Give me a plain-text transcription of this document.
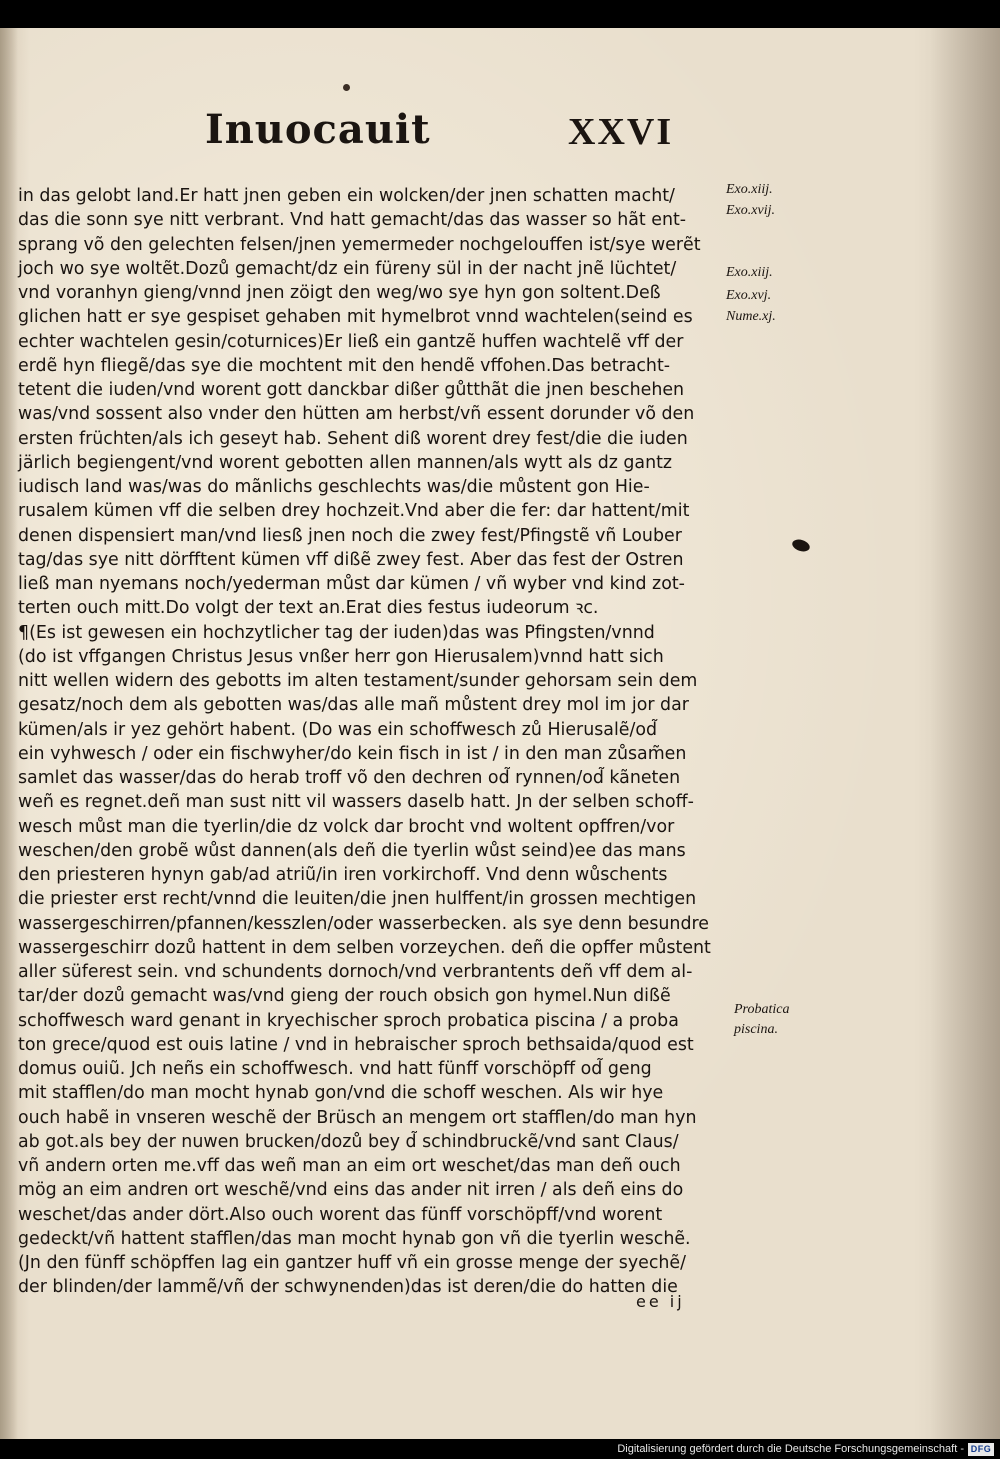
Inuocauit	XXVI
in das gelobt land.Er hatt jnen geben ein wolcken/der jnen schatten macht/
das die sonn sye nitt verbrant. Vnd hatt gemacht/das das wasser so hãt ent-
sprang võ den gelechten felsen/jnen yemermeder nochgelouffen ist/sye werẽt
joch wo sye woltẽt.Dozů gemacht/dz ein füreny sül in der nacht jnẽ lüchtet/
vnd voranhyn gieng/vnnd jnen zöigt den weg/wo sye hyn gon soltent.Deß
glichen hatt er sye gespiset gehaben mit hymelbrot vnnd wachtelen(seind es
echter wachtelen gesin/coturnices)Er ließ ein gantzẽ huffen wachtelẽ vff der
erdẽ hyn fliegẽ/das sye die mochtent mit den hendẽ vffohen.Das betracht-
tetent die iuden/vnd worent gott danckbar dißer gůtthãt die jnen beschehen
was/vnd sossent also vnder den hütten am herbst/vñ essent dorunder võ den
ersten früchten/als ich geseyt hab. Sehent diß worent drey fest/die die iuden
järlich begiengent/vnd worent gebotten allen mannen/als wytt als dz gantz
iudisch land was/was do mãnlichs geschlechts was/die můstent gon Hie-
rusalem kümen vff die selben drey hochzeit.Vnd aber die fer: dar hattent/mit
denen dispensiert man/vnd liesß jnen noch die zwey fest/Pfingstẽ vñ Louber
tag/das sye nitt dörfftent kümen vff dißẽ zwey fest. Aber das fest der Ostren
ließ man nyemans noch/yederman můst dar kümen / vñ wyber vnd kind zot-
terten ouch mitt.Do volgt der text an.Erat dies festus iudeorum ꝛc.
¶(Es ist gewesen ein hochzytlicher tag der iuden)das was Pfingsten/vnnd
(do ist vffgangen Christus Jesus vnßer herr gon Hierusalem)vnnd hatt sich
nitt wellen widern des gebotts im alten testament/sunder gehorsam sein dem
gesatz/noch dem als gebotten was/das alle mañ můstent drey mol im jor dar
kümen/als ir yez gehört habent. (Do was ein schoffwesch zů Hierusalẽ/od̃
ein vyhwesch / oder ein fischwyher/do kein fisch in ist / in den man zůsam̃en
samlet das wasser/das do herab troff võ den dechren od̃ rynnen/od̃ kãneten
weñ es regnet.deñ man sust nitt vil wassers daselb hatt. Jn der selben schoff-
wesch můst man die tyerlin/die dz volck dar brocht vnd woltent opffren/vor
weschen/den grobẽ wůst dannen(als deñ die tyerlin wůst seind)ee das mans
den priesteren hynyn gab/ad atriũ/in iren vorkirchoff. Vnd denn wůschents
die priester erst recht/vnnd die leuiten/die jnen hulffent/in grossen mechtigen
wassergeschirren/pfannen/kesszlen/oder wasserbecken. als sye denn besundre
wassergeschirr dozů hattent in dem selben vorzeychen. deñ die opffer můstent
aller süferest sein. vnd schundents dornoch/vnd verbrantents deñ vff dem al-
tar/der dozů gemacht was/vnd gieng der rouch obsich gon hymel.Nun dißẽ
schoffwesch ward genant in kryechischer sproch probatica piscina / a proba
ton grece/quod est ouis latine / vnd in hebraischer sproch bethsaida/quod est
domus ouiũ. Jch neñs ein schoffwesch. vnd hatt fünff vorschöpff od̃ geng
mit stafflen/do man mocht hynab gon/vnd die schoff weschen. Als wir hye
ouch habẽ in vnseren weschẽ der Brüsch an mengem ort stafflen/do man hyn
ab got.als bey der nuwen brucken/dozů bey d̃ schindbruckẽ/vnd sant Claus/
vñ andern orten me.vff das weñ man an eim ort weschet/das man deñ ouch
mög an eim andren ort weschẽ/vnd eins das ander nit irren / als deñ eins do
weschet/das ander dört.Also ouch worent das fünff vorschöpff/vnd worent
gedeckt/vñ hattent stafflen/das man mocht hynab gon vñ die tyerlin weschẽ.
(Jn den fünff schöpffen lag ein gantzer huff vñ ein grosse menge der syechẽ/
der blinden/der lammẽ/vñ der schwynenden)das ist deren/die do hatten die
Exo.xiij.
Exo.xvij.
Exo.xiij.
Exo.xvj.
Nume.xj.
Probatica
piscina.
ee ij
Digitalisierung gefördert durch die Deutsche Forschungsgemeinschaft - DFG
